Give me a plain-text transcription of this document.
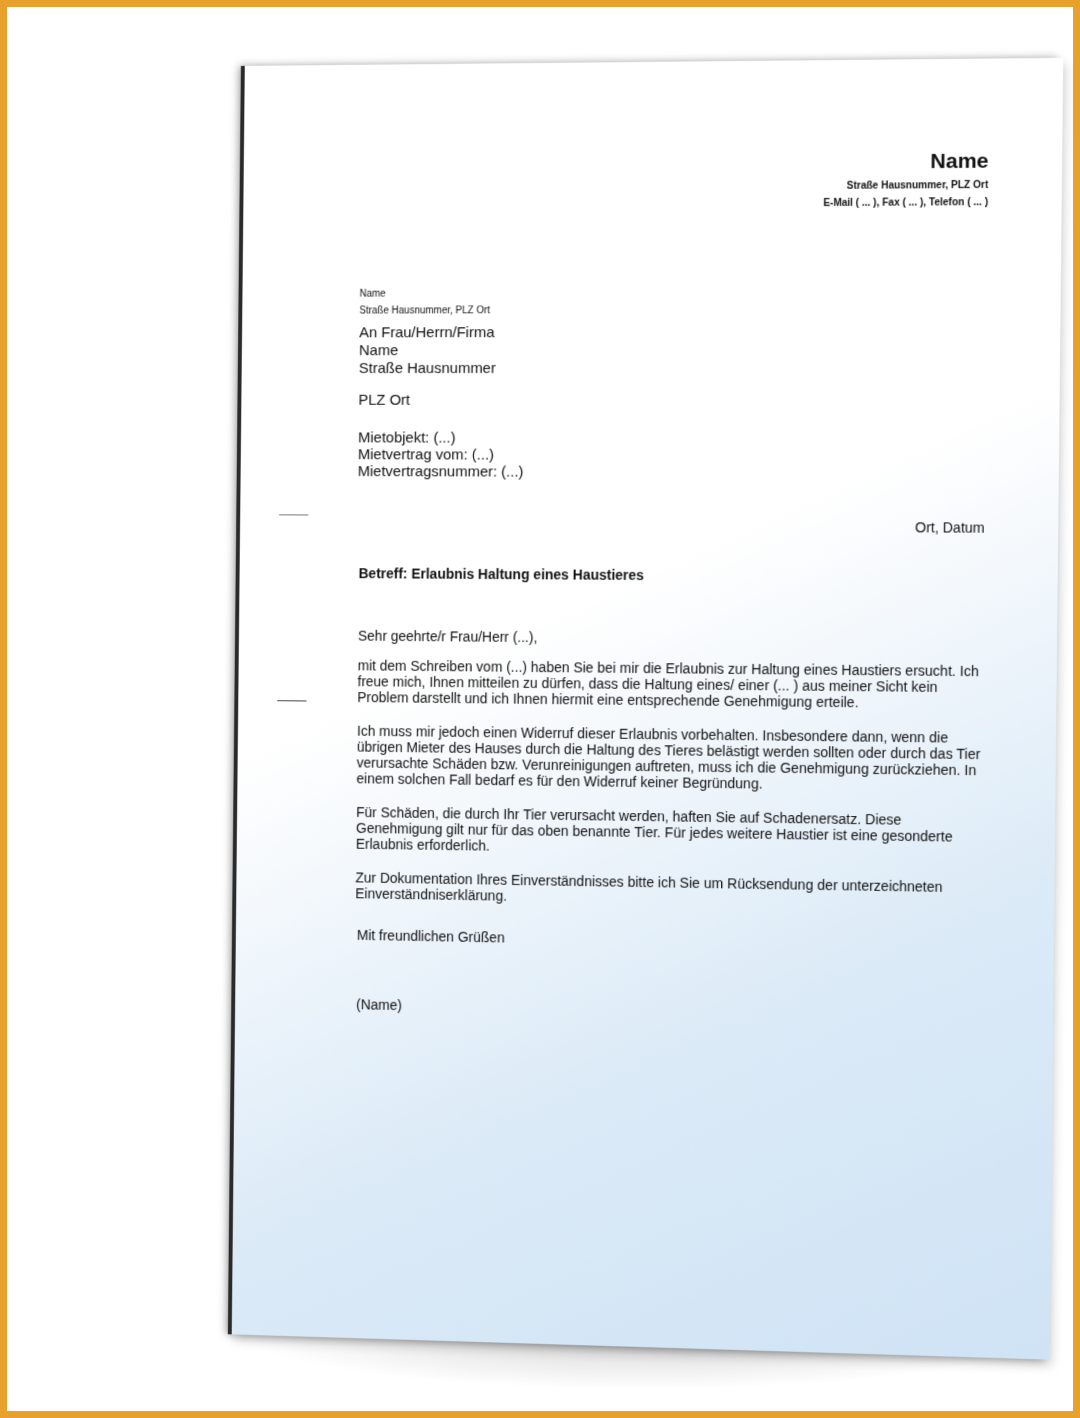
Name

Straße Hausnummer, PLZ Ort

E-Mail ( ... ), Fax ( ... ), Telefon ( ... )

Name

Straße Hausnummer, PLZ Ort

An Frau/Herrn/Firma

Name

Straße Hausnummer

PLZ Ort

Mietobjekt: (...)

Mietvertrag vom: (...)

Mietvertragsnummer: (...)

Ort, Datum

Betreff: Erlaubnis Haltung eines Haustieres

Sehr geehrte/r Frau/Herr (...),

mit dem Schreiben vom (...) haben Sie bei mir die Erlaubnis zur Haltung eines Haustiers ersucht. Ich freue mich, Ihnen mitteilen zu dürfen, dass die Haltung eines/ einer (... ) aus meiner Sicht kein Problem darstellt und ich Ihnen hiermit eine entsprechende Genehmigung erteile.

Ich muss mir jedoch einen Widerruf dieser Erlaubnis vorbehalten. Insbesondere dann, wenn die übrigen Mieter des Hauses durch die Haltung des Tieres belästigt werden sollten oder durch das Tier verursachte Schäden bzw. Verunreinigungen auftreten, muss ich die Genehmigung zurückziehen. In einem solchen Fall bedarf es für den Widerruf keiner Begründung.

Für Schäden, die durch Ihr Tier verursacht werden, haften Sie auf Schadenersatz. Diese Genehmigung gilt nur für das oben benannte Tier. Für jedes weitere Haustier ist eine gesonderte Erlaubnis erforderlich.

Zur Dokumentation Ihres Einverständnisses bitte ich Sie um Rücksendung der unterzeichneten Einverständniserklärung.

Mit freundlichen Grüßen

(Name)
